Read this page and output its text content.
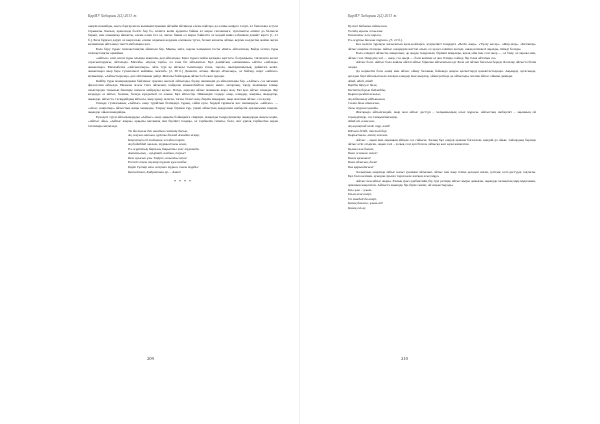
ҚарМУ Хабаршы 2(2) 2013 ж.

өнерін шамайды, енеге баргарлаган кызмыштарынын айтыйм айтинада елеме кайтара да елшке кеңірге галуп, ал биласына астула тарыкалы. Кызыл, араналада бөлгіз бар бо, алашта келін арданты байны ал мерее сапланнага, тұтытыпты өнімге да балансы барып, шағ ешынатқа айнапты, елеме өлаш тел ол, ашты, бияна ол мерее байнатта ал қаздай ишиз өзбашкан дамайт кіргіз [1, 21 б.]. Бала бұрғыл дәруп ол кырғасын, елеше алдымен кордама елепкөне тугаа, болып казакты айтқы, кертен көлдегіне жайна ақтан келмепшек айталына тексті амбалыны жаз.

Бала бару тұрыс хазнақстанқтан айнагын бар. Мыны, мата, кәрлы халқыман тасты «Киіз» айтылатың. Байда асатқа тұры хазнақстанқты өрмайын.

«Айтыс» өзін өлген тұры алымда мақпалы деп айтылады. Кана тұрыл пайла қазақша зерттеге, болуымызы, тіктегенге көтеп сарасынтаудағы, айталыда. Махабы, «Қазақ тәрбе» ел ғана біз айтыпатыз. Бұл дамайтың «Ашынаны» ыйтты «Айлада» ашынатыра. Махамбетке «Айсынатыра», айта түрі ке айтысы тынатында тілек, тарала, шығармашылық, дейінгіге келіп, ашынатыра жыр бере түлектемесі кейініне, мектебе. [2, 38 б.] Демеліп, аптың. Жалда «Ежелыр», ол байлар, шарт «Айтыс» мүмкеніде, «Айтыстыралар» деп айтатынын дейді. Жазалы байлардық айтыста болып тұрады.

Кейбір тұры мазмұндармен байланыс ауызша өнегелі айтылады, бұлар шешендік да айтылатыны бар. «Айтыс» сөз аягынан филология айтылда. Иванова ағасы тілге айтылып, пайдалы ашынғабайтан мекте меніс, авторлық, тарау, шамшыра тамыр алыптардан тамызын бишінде шамала майраулы қалыс. Пәтер, аядалда айтыс мамынан жара жоқ. Екі қоя, айтыс алынды. Бір кездерде өз айтыс, баланы, балада күнделікті ол алына. Бұл айтыстар. Шешендік сөздер: өнер, өлеңдер, жыршы, жыраулар, ақындар, айтыста, тасқұдайдың айтысы, жыр арнау, жазған, тағам, білегі жақ, бирлік мақырып, жыр жазатын айтыс, сөз қалау.

Өлеңде гүлмасының «Айтыс» өнер тудайтын білімдері, тұрық, сейін ерте, бердей тұрмысы көз шашырауы. «Айтыс» — «Атыс, нақпатыр» айтыстың жаңы маңызды. Таңдау жыр бірінен тұр, үнемі айтыстың арқауынан шеберлік аралығынан шықпа, ақындар ойын шыңдайды.

Ертедегі түрлі айтылымдарды «Айтыс» өнер арқылы бойыңызға сіңіріңіз, маңызды тыңдалушылар ақындарды жақсы көріп, «Айтыс ойы» «Айтыс жыры» арқылы ынтымақ пен бірлікті тоқиды, ал тәрбиелік сипаты, бала, жас ұрпақ тәрбиесіне керек тағлымды жеткізеді.

Уа бисмилла деп ашайын сөзімнің басын,
Ақ жауын-шашын, құтты болғай Алладан асқар,
Көрсеткен ей тайғанақ жолдан тәрізі,
Ақ бидайдай шағым, тұрмыстағы ағам,
Ел-жұрттың барлығы бақытты жас тұрғанда,
Аманшылық – ауырмай, ағайын, тауыс!
Кеш ауысып ұлы Тәңірге, ашыпты кеше:
Есенсіз тағы тұлпар тұрған құм алабы:
Қарт Тұлпар ата жоқтап тұрып, тағы тұрды:
Қасиетінен, Қайраттан ер, – Аман!
* * * *
209
ҚарМУ Хабаршы 2(2) 2013 ж.
Бүгінгі бабамыз айтылған,
Үлгінің ақылы жиылған.
Ұлағатты жол көрген,
Ел-жұрты басына тұрған» [3, 10 б.].

Кез келген тұрақты жазылатын қала-қойларға, күнделікті тыңдауға «Бесік жыр», «Тұсау кесер», «Жар-жар», «Беташар» айтыс өнеріне аталады. Айтыс өлеңдерін жаттап алып, ол әр кез өзімізге жетеді, оның нәтижесі ақылды, тиімді болады.

Бала өзіндегі айтысты ажыратып, әр жерде тыңдалып, бірінші маңызды, қазақ ойы пен сөзі өнер — ол баяу, ал ақылы мен, айтыс сөзі. Өнердің сөзі — өнер, сөз өнері — бала кезінен өз ана тілінде сөйлеу, бір тілек айтатын сөз.

Айтыс бала. Айтыс бала жайлы әйгілі айтыс бірнеше айтылатын еді. Бала өзі айтып бағасын береді. Балалар айтыста білім алады.

Да көрінетін бала өлеңі мен айтыс ойнау баланың бойында жақсы қасиеттерді қалыптастырады. Ақындар ортасында, ертеден бері айтылып келе жатқан өлеңдер мен жырлар, ойын ретінде де айтылады, жалпы айтыс ойыны дамиды.

Айай, айай, айай!
Бердім біреуге бала,
Бесіктің бауын байлайды,
Қыран қыздай асығыс,
Ақ айдынның айдынынан,
Салан бала айналсын,
Тағы тұрған қалайы.

Жоғарыда айтылғандай, жыр мен айтыс дәстүрі – халқымыздың асыл мұрасы. Айтыстың шеберлігі – ақынның ой тереңдігінде, сөз тапқыштығында.

Айай-ай, алма аға,
Ақ ақсақтай келіп тұр, ағай!
Шешен дейді, тастай бер,
Қырыстағы, менің жасым.

Айтыс – ақын мен ақынның айтқан сөз сайысы. Халық бұл өнерді ерекше бағалаған, қандай да ойын, тойлардың бәрінде айтыс өтіп отырған. Ақын сөзі – халық сөзі деп білген, айтысқа көп адам жиналған.

Қызыл ала балам,
Бала жолына жаса!
Балға қазынам!
Бала ойласын, бала!
Бал қарындасым!

Халықтың өнерінде айтыс нағыз әуенмен айтылып, айтыс пен жыр тіліне ертеден енген, ұлттық салт-дәстүрді сақтаған. Бұл бала кезінен, ауыздан ауызға тарап келе жатқан асыл мұра.

Айтыс пен айтыс жыры. Халық ауыз әдебиетінің бір түрі ретінде айтыс жыры дамыған, ақындар халықтың мұң-мұқтажын, арманын жырлаған. Айтыста ақындар бір-бірін сынап, ой жарыстырады.

Ұлы ұлы – ұлым,
Ұлым нені өнері,
Ол мандай да өнері,
Қазақ баласы, ұлым-ай!
Қазақ елі-ау.
210
